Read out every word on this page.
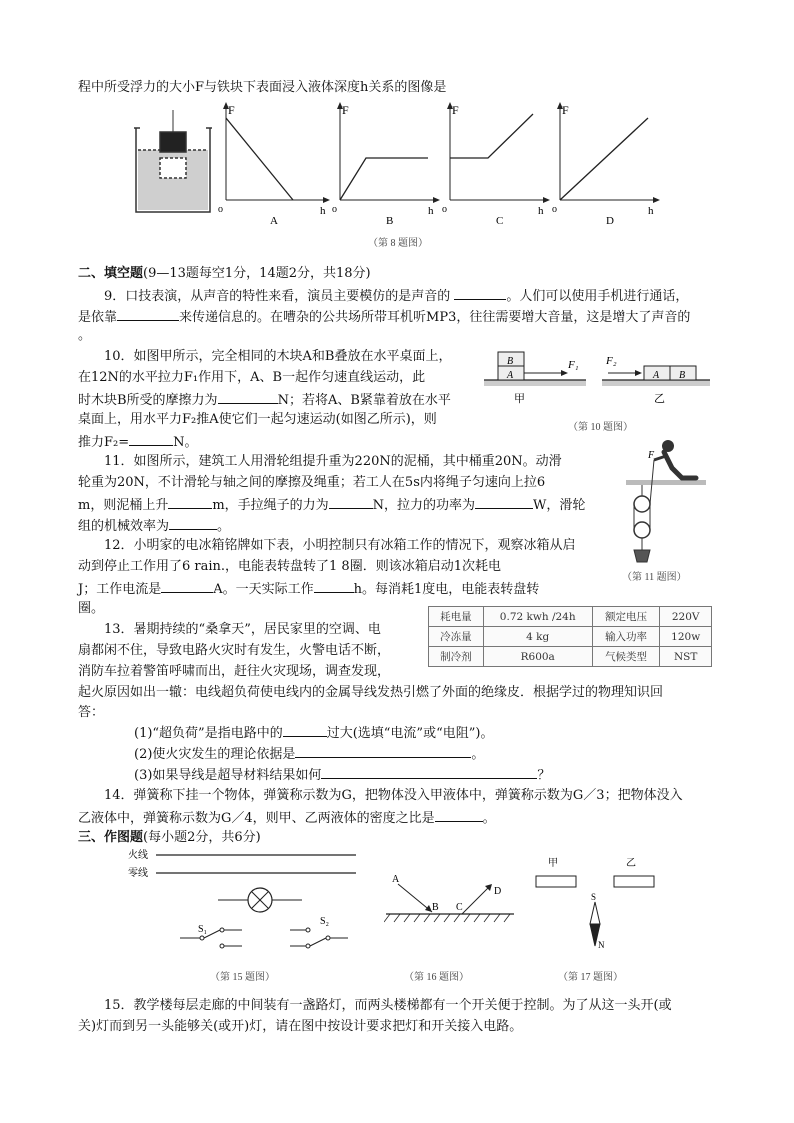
程中所受浮力的大小F与铁块下表面浸入液体深度h关系的图像是
F
o	h
A
F
o	h
B
F
o	h
C
F
o	h
D
（第 8 题图）
二、填空题(9—13题每空1分，14题2分，共18分)
9．口技表演，从声音的特性来看，演员主要模仿的是声音的	。人们可以使用手机进行通话，
是依靠	来传递信息的。在嘈杂的公共场所带耳机听MP3，往往需要增大音量，这是增大了声音的
。
10．如图甲所示，完全相同的木块A和B叠放在水平桌面上，
在12N的水平拉力F₁作用下，A、B一起作匀速直线运动，此
时木块B所受的摩擦力为	N；若将A、B紧靠着放在水平
桌面上，用水平力F₂推A使它们一起匀速运动(如图乙所示)，则
推力F₂=	N。
A
B	F₁
甲
A B
F₂
乙
（第 10 题图）
11．如图所示，建筑工人用滑轮组提升重为220N的泥桶，其中桶重20N。动滑
轮重为20N，不计滑轮与轴之间的摩擦及绳重；若工人在5s内将绳子匀速向上拉6
m，则泥桶上升	m，手拉绳子的力为	N，拉力的功率为	W，滑轮
组的机械效率为	。
F
（第 11 题图）
12．小明家的电冰箱铭牌如下表，小明控制只有冰箱工作的情况下，观察冰箱从启
动到停止工作用了6 rain.，电能表转盘转了1 8圈．则该冰箱启动1次耗电
J；工作电流是	A。一天实际工作	h。每消耗1度电，电能表转盘转
圈。
耗电量	0.72 kwh /24h	额定电压	220V
冷冻量	4 kg	输入功率	120w
制冷剂	R600a	气候类型	NST
13．暑期持续的“桑拿天”，居民家里的空调、电
扇都闲不住，导致电路火灾时有发生，火警电话不断，
消防车拉着警笛呼啸而出，赶往火灾现场，调查发现，
起火原因如出一辙：电线超负荷使电线内的金属导线发热引燃了外面的绝缘皮．根据学过的物理知识回
答：
(1)“超负荷”是指电路中的	过大(选填“电流”或“电阻”)。
(2)使火灾发生的理论依据是	。
(3)如果导线是超导材料结果如何	？
14．弹簧称下挂一个物体，弹簧称示数为G，把物体没入甲液体中，弹簧称示数为G／3；把物体没入
乙液体中，弹簧称示数为G／4，则甲、乙两液体的密度之比是	。
三、作图题(每小题2分，共6分)
火线
零线
S₁
S₂
（第 15 题图）
A
B C
D
（第 16 题图）
甲	乙
S
N
（第 17 题图）
15．教学楼每层走廊的中间装有一盏路灯，而两头楼梯都有一个开关便于控制。为了从这一头开(或
关)灯而到另一头能够关(或开)灯，请在图中按设计要求把灯和开关接入电路。
